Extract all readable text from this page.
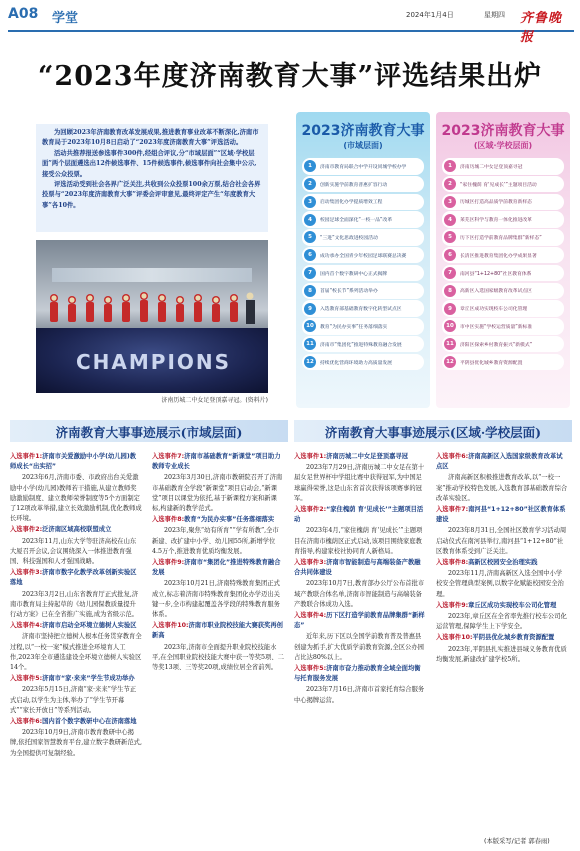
A08 学堂	2024年1月4日	星期四 齐鲁晚报
“2023年度济南教育大事”评选结果出炉

为回顾2023年济南教育改革发展成果,推进教育事业改革不断深化,济南市教育局于2023年10月8日启动了“2023年度济南教育大事”评选活动。

活动共推荐报送参选事件300件,经组合评议,分“市域层面”“区域·学校层面”两个层面遴选出12件候选事件、15件候选事件,候选事件向社会集中公示,接受公众投票。

评选活动受到社会各界广泛关注,共收到公众投票100余万票,结合社会各界投票与“2023年度济南教育大事”评委会评审意见,最终评定产生“年度教育大事”各10件。

CHAMPIONS
济南历城二中女足登顶嘉寻冠。(资料片)
2023济南教育大事
(市域层面)
1	济南市教育局联合中学开设同城学校办学
2	创新实施学前教育普惠扩容行动
3	启动集团化办学提质增效工程
4	校园足球全面深化“一校一品”改革
5	“三进”文化思政进校园活动
6	成功承办全国青少年校园足球联赛总决赛
7	国内首个数字教研中心正式揭牌
8	首届“校长节”系列活动举办
9	入选教育部基础教育数字化转型试点区
10	教育“为民办实事”任务落细落实
11	济南市“集团化”推进特殊教育融合发展
12	持续优化营商环境助力高质量发展
2023济南教育大事
(区域·学校层面)
1	济南历城二中女足登顶嘉寻冠
2	“家住槐荫 育‘见成长’”主题项目活动
3	历城区打造高品质学前教育新样态
4	莱芜区科学与教育一体化推进改革
5	历下区打造学前教育品牌集群“新样态”
6	长清区推进教育集团化办学成果显著
7	南河县“1+12+80”社区教育体系
8	高新区入选国家级教育改革试点区
9	章丘区成功实现校车公司化管理
10	市中区实施“学校运营质量”新标准
11	济阳区探索乡村教育振兴“新模式”
12	平阴县优化城乡教育资源配置
济南教育大事事迹展示(市域层面)	济南教育大事事迹展示(区域·学校层面)

入选事件1:济南市关爱激励中小学(幼儿园)教师成长“出实招”

2023年6月,济南市委、市政府出台关爱激励中小学(幼儿园)教师若干措施,从建立教师奖励激励制度、建立教师荣誉制度等5个方面制定了12项改革举措,建立长效激励机制,优化教师成长环境。

入选事件2:泛济南区域高校联盟成立

2023年11月,山东大学等驻济高校在山东大厦召开会议,会议围绕深入一体推进教育强国、科技强国和人才强国战略。

入选事件3:济南市数字化教学改革创新实验区落地

2023年3月2日,山东省教育厅正式批复,济南市教育局主持起草的《幼儿园保教质量提升行动方案》已在全省推广实施,成为省级示范。

入选事件4:济南市启动全环境立德树人实验区

济南市坚持把立德树人根本任务贯穿教育全过程,以“一校一案”模式推进全环境育人工作,2023年全市遴选建设全环境立德树人实验区14个。

入选事件5:济南市“家·来来”学生节成功举办

2023年5月15日,济南“家·来来”学生节正式启动,以学生为主体,举办了“学生节开幕式”“家长开放日”等系列活动。

入选事件6:国内首个数字教研中心在济南落地

2023年10月9日,济南市教育教研中心揭牌,依托国家智慧教育平台,建立数字教研新范式,为全国提供可复制经验。

入选事件7:济南市基础教育“新课堂”项目助力教师专业成长

2023年3月30日,济南市教研院召开了济南市基础教育全学段“新课堂”项目启动会,“新课堂”项目以课堂为依托,基于新课程方案和新课标,构建新的教学范式。

入选事件8:教育“为民办实事”任务落细落实

2023年,聚焦“幼有所育”“学有所教”,全市新建、改扩建中小学、幼儿园55所,新增学位4.5万个,推进教育优质均衡发展。

入选事件9:济南市“集团化”推进特殊教育融合发展

2023年10月21日,济南特殊教育集团正式成立,标志着济南市特殊教育集团化办学迈出关键一步,全市构建起覆盖各学段的特殊教育服务体系。

入选事件10:济南市职业院校技能大赛获奖再创新高

2023年,济南市全面提升职业院校技能水平,在全国职业院校技能大赛中获一等奖5项、二等奖13项、三等奖20项,成绩位居全省前列。

入选事件1:济南历城二中女足登顶嘉寻冠

2023年7月29日,济南历城二中女足在第十届女足世界杯中学组比赛中获得冠军,为中国足球赢得荣誉,这是山东省首次获得该项赛事的冠军。

入选事件2:“家住槐荫 育‘见成长’”主题项目活动

2023年4月,“家住槐荫 育‘见成长’”主题项目在济南市槐荫区正式启动,该项目围绕家庭教育指导,构建家校社协同育人新格局。

入选事件3:济南市智能制造与高端装备产教融合共同体建设

2023年10月7日,教育部办公厅公布首批市域产教联合体名单,济南市智能制造与高端装备产教联合体成功入选。

入选事件4:历下区打造学前教育品牌集群“新样态”

近年来,历下区以全国学前教育普及普惠县创建为抓手,扩大优质学前教育资源,全区公办园占比达80%以上。

入选事件5:济南市奋力推动教育全域全面均衡与托育服务发展

2023年7月16日,济南市首家托育综合服务中心揭牌运营。

入选事件6:济南高新区入选国家级教育改革试点区

济南高新区积极推进教育改革,以“一校一案”推动学校特色发展,入选教育部基础教育综合改革实验区。

入选事件7:南河县“1+12+80”社区教育体系建设

2023年8月31日,全国社区教育学习活动周启动仪式在南河县举行,南河县“1+12+80”社区教育体系受到广泛关注。

入选事件8:高新区校园安全治理实践

2023年11月,济南高新区入选全国中小学校安全管理典型案例,以数字化赋能校园安全治理。

入选事件9:章丘区成功实现校车公司化管理

2023年,章丘区在全省率先推行校车公司化运营管理,保障学生上下学安全。

入选事件10:平阴县优化城乡教育资源配置

2023年,平阴县扎实推进县域义务教育优质均衡发展,新建改扩建学校5所。

(本版采写/记者 郭春雨)
